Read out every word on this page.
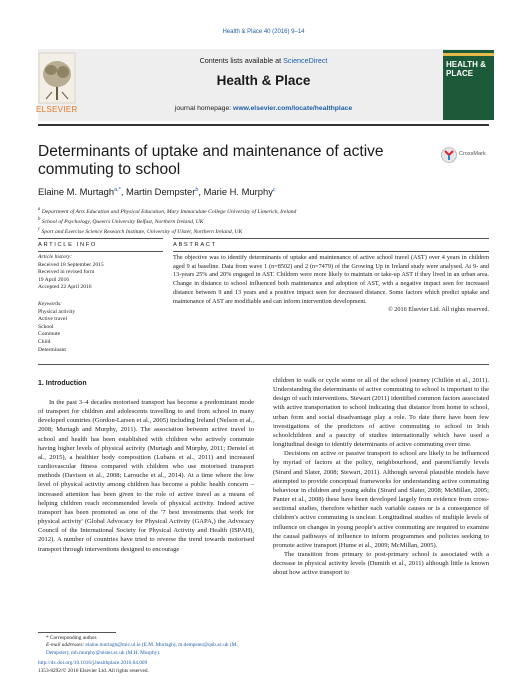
Health & Place 40 (2016) 9–14
Contents lists available at ScienceDirect
Health & Place
journal homepage: www.elsevier.com/locate/healthplace
ELSEVIER
HEALTH & PLACE
Determinants of uptake and maintenance of active commuting to school
CrossMark
Elaine M. Murtagh$^{a,*}$, Martin Dempster$^b$, Marie H. Murphy$^c$
$^a$ Department of Arts Education and Physical Education, Mary Immaculate College University of Limerick, Ireland
$^b$ School of Psychology, Queen's University Belfast, Northern Ireland, UK
$^c$ Sport and Exercise Science Research Institute, University of Ulster, Northern Ireland, UK
ARTICLE INFO	ABSTRACT
Article history:
Received 18 September 2015
Received in revised form
19 April 2016
Accepted 22 April 2016
Keywords:
Physical activity
Active travel
School
Commute
Child
Determinant
The objective was to identify determinants of uptake and maintenance of active school travel (AST) over 4 years in children aged 9 at baseline. Data from wave 1 (n=8502) and 2 (n=7479) of the Growing Up in Ireland study were analysed. At 9- and 13-years 25% and 20% engaged in AST. Children were more likely to maintain or take-up AST if they lived in an urban area. Change in distance to school influenced both maintenance and adoption of AST, with a negative impact seen for increased distance between 9 and 13 years and a positive impact seen for decreased distance. Some factors which predict uptake and maintenance of AST are modifiable and can inform intervention development.
© 2016 Elsevier Ltd. All rights reserved.
1. Introduction

In the past 3–4 decades motorised transport has become a predominant mode of transport for children and adolescents travelling to and from school in many developed countries (Gordon-Larsen et al., 2005) including Ireland (Nelson et al., 2008; Murtagh and Murphy, 2011). The association between active travel to school and health has been established with children who actively commute having higher levels of physical activity (Murtagh and Murphy, 2011; Denstel et al., 2015), a healthier body composition (Lubans et al., 2011) and increased cardiovascular fitness compared with children who use motorised transport methods (Davison et al., 2008; Larouche et al., 2014). At a time where the low level of physical activity among children has become a public health concern – increased attention has been given to the role of active travel as a means of helping children reach recommended levels of physical activity. Indeed active transport has been promoted as one of the '7 best investments that work for physical activity' (Global Advocacy for Physical Activity (GAPA,) the Advocacy Council of the International Society for Physical Activity and Health (ISPAH), 2012). A number of countries have tried to reverse the trend towards motorised transport through interventions designed to encourage

children to walk or cycle some or all of the school journey (Chillón et al., 2011). Understanding the determinants of active commuting to school is important to the design of such interventions. Stewart (2011) identified common factors associated with active transportation to school indicating that distance from home to school, urban form and social disadvantage play a role. To date there have been few investigations of the predictors of active commuting to school in Irish schoolchildren and a paucity of studies internationally which have used a longitudinal design to identify determinants of active commuting over time.

Decisions on active or passive transport to school are likely to be influenced by myriad of factors at the policy, neighbourhood, and parent/family levels (Sirard and Slater, 2008; Stewart, 2011). Although several plausible models have attempted to provide conceptual frameworks for understanding active commuting behaviour in children and young adults (Sirard and Slater, 2008; McMillan, 2005; Panter et al., 2008) these have been developed largely from evidence from cross-sectional studies, therefore whether each variable causes or is a consequence of children's active commuting is unclear. Longitudinal studies of multiple levels of influence on changes in young people's active commuting are required to examine the causal pathways of influence to inform programmes and policies seeking to promote active transport (Hume et al., 2009; McMillan, 2005).

The transition from primary to post-primary school is associated with a decrease in physical activity levels (Dumith et al., 2011) although little is known about how active transport to

* Corresponding author.
E-mail addresses: elaine.murtagh@mic.ul.ie (E.M. Murtagh), m.dempster@qub.ac.uk (M. Dempster), mh.murphy@ulster.ac.uk (M.H. Murphy).
http://dx.doi.org/10.1016/j.healthplace.2016.04.009
1353-8292/© 2016 Elsevier Ltd. All rights reserved.
